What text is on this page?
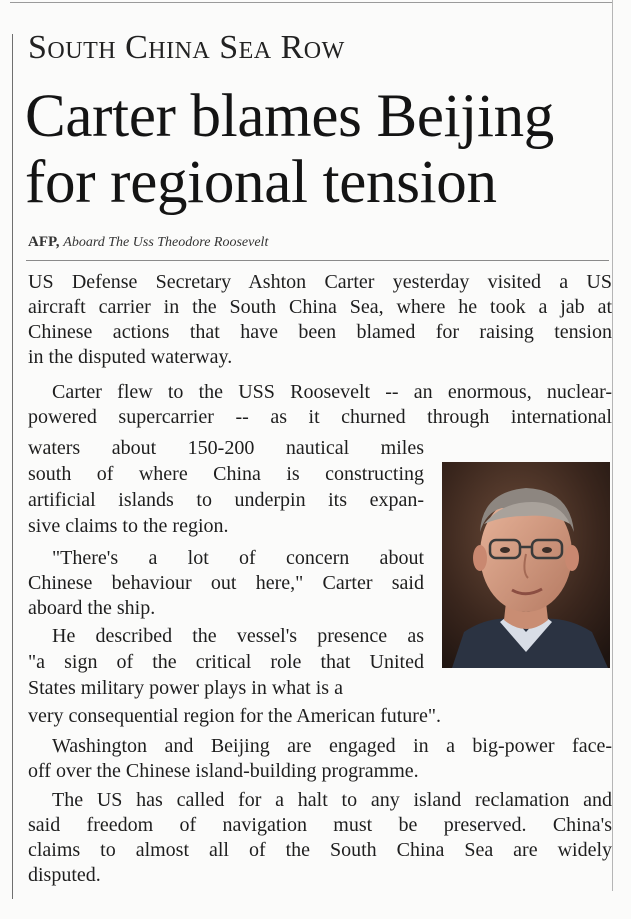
South China Sea Row
Carter blames Beijing for regional tension
AFP, Aboard The Uss Theodore Roosevelt
US Defense Secretary Ashton Carter yesterday visited a US
aircraft carrier in the South China Sea, where he took a jab at
Chinese actions that have been blamed for raising tension
in the disputed waterway.
Carter flew to the USS Roosevelt -- an enormous, nuclear-
powered supercarrier -- as it churned through international
waters about 150-200 nautical miles
south of where China is constructing
artificial islands to underpin its expan-
sive claims to the region.
"There's a lot of concern about
Chinese behaviour out here," Carter said
aboard the ship.
He described the vessel's presence as
"a sign of the critical role that United
States military power plays in what is a
very consequential region for the American future".
Washington and Beijing are engaged in a big-power face-
off over the Chinese island-building programme.
The US has called for a halt to any island reclamation and
said freedom of navigation must be preserved. China's
claims to almost all of the South China Sea are widely
disputed.
